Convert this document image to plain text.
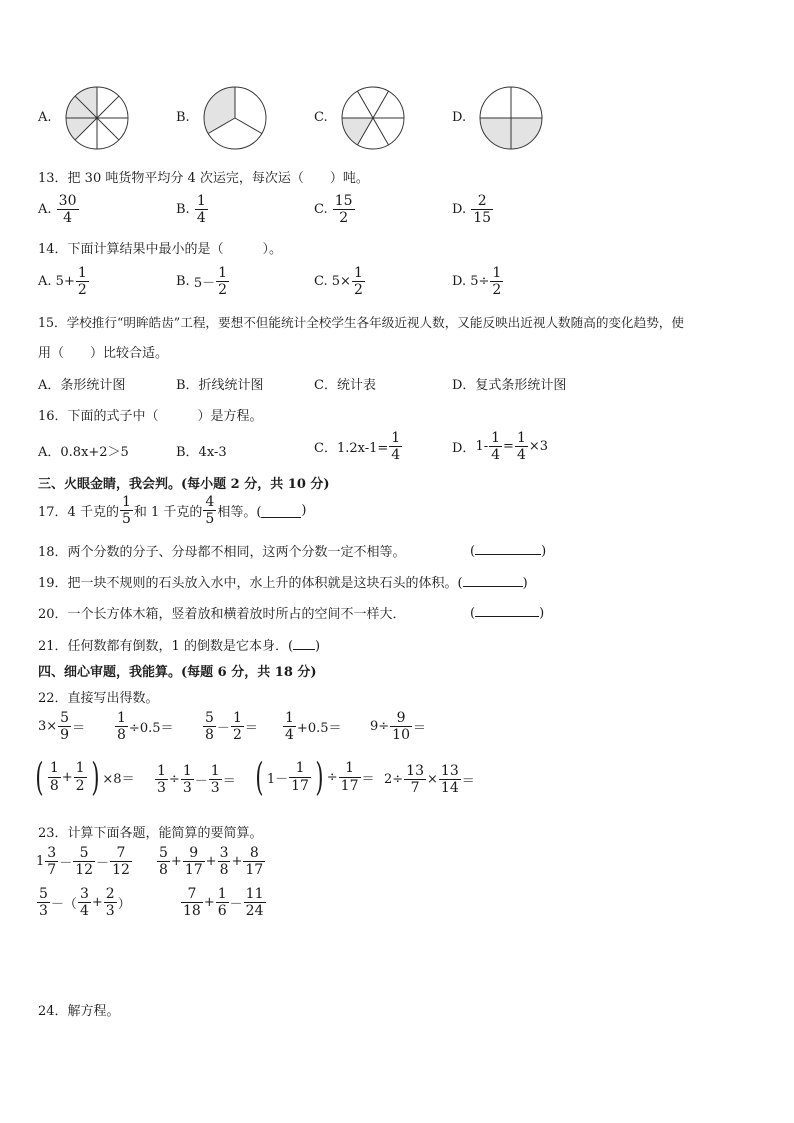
A.	B.	C.	D.
13．把 30 吨货物平均分 4 次运完，每次运（　　）吨。
A. $\frac{30}{4}$	B. $\frac{1}{4}$	C. $\frac{15}{2}$	D. $\frac{2}{15}$
14．下面计算结果中最小的是（　　　）。
A. $5+ \frac{1}{2}$	B. $5- \frac{1}{2}$	C. $5\times \frac{1}{2}$	D. $5\div \frac{1}{2}$
15．学校推行“明眸皓齿”工程，要想不但能统计全校学生各年级近视人数，又能反映出近视人数随高的变化趋势，使
用（　　）比较合适。
A．条形统计图	B．折线统计图	C．统计表	D．复式条形统计图
16．下面的式子中（　　　）是方程。
A．0.8x+2＞5	B．4x-3	C．$1.2x-1= \frac{1}{4}$	D．$1- \frac{1}{4} = \frac{1}{4} \times 3$
三、火眼金睛，我会判。(每小题 2 分，共 10 分)
17．4 千克的 $\frac{1}{5}$ 和 1 千克的 $\frac{4}{5}$ 相等。(	)
18．两个分数的分子、分母都不相同，这两个分数一定不相等。	(	)
19．把一块不规则的石头放入水中，水上升的体积就是这块石头的体积。(	)
20．一个长方体木箱，竖着放和横着放时所占的空间不一样大．	(	)
21．任何数都有倒数，1 的倒数是它本身．( )
四、细心审题，我能算。(每题 6 分，共 18 分)
22．直接写出得数。
$3\times \frac{5}{9} = \frac{1}{8} \div 0.5= \frac{5}{8} - \frac{1}{2} = \frac{1}{4} +0.5= 9\div \frac{9}{10}$ ＝
( $\frac{1}{8} + \frac{1}{2}$ ) $\times 8= \frac{1}{3} \div \frac{1}{3} - \frac{1}{3}$ ＝ ( $1- \frac{1}{17}$ ) ÷ $\frac{1}{17} = 2\div \frac{13}{7} \times \frac{13}{14}$ ＝
23．计算下面各题，能简算的要简算。
$1 \frac{3}{7} - \frac{5}{12} - \frac{7}{12} \frac{5}{8} + \frac{9}{17} + \frac{3}{8} + \frac{8}{17}$
$\frac{5}{3}$ －（ $\frac{3}{4} + \frac{2}{3}$ ）	$\frac{7}{18} + \frac{1}{6} - \frac{11}{24}$
24．解方程。
